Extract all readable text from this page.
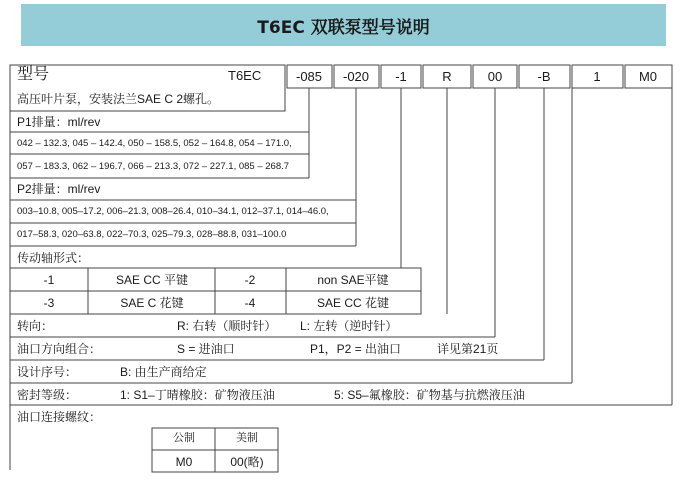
T6EC 双联泵型号说明
型号	T6EC	-085 -020 -1	R	00	-B	1	M0
高压叶片泵，安装法兰SAE C 2螺孔。
P1排量：ml/rev
042 – 132.3, 045 – 142.4, 050 – 158.5, 052 – 164.8, 054 – 171.0,
057 – 183.3, 062 – 196.7, 066 – 213.3, 072 – 227.1, 085 – 268.7
P2排量：ml/rev
003–10.8, 005–17.2, 006–21.3, 008–26.4, 010–34.1, 012–37.1, 014–46.0,
017–58.3, 020–63.8, 022–70.3, 025–79.3, 028–88.8, 031–100.0
传动轴形式：
-1	SAE CC 平键	-2	non SAE平键
-3	SAE C 花键	-4	SAE CC 花键
转向：	R: 右转（顺时针） L: 左转（逆时针）
油口方向组合：	S = 进油口	P1，P2 = 出油口	详见第21页
设计序号：	B: 由生产商给定
密封等级：	1: S1–丁晴橡胶：矿物液压油	5: S5–氟橡胶：矿物基与抗燃液压油
油口连接螺纹：
公制	美制
M0	00(略)
